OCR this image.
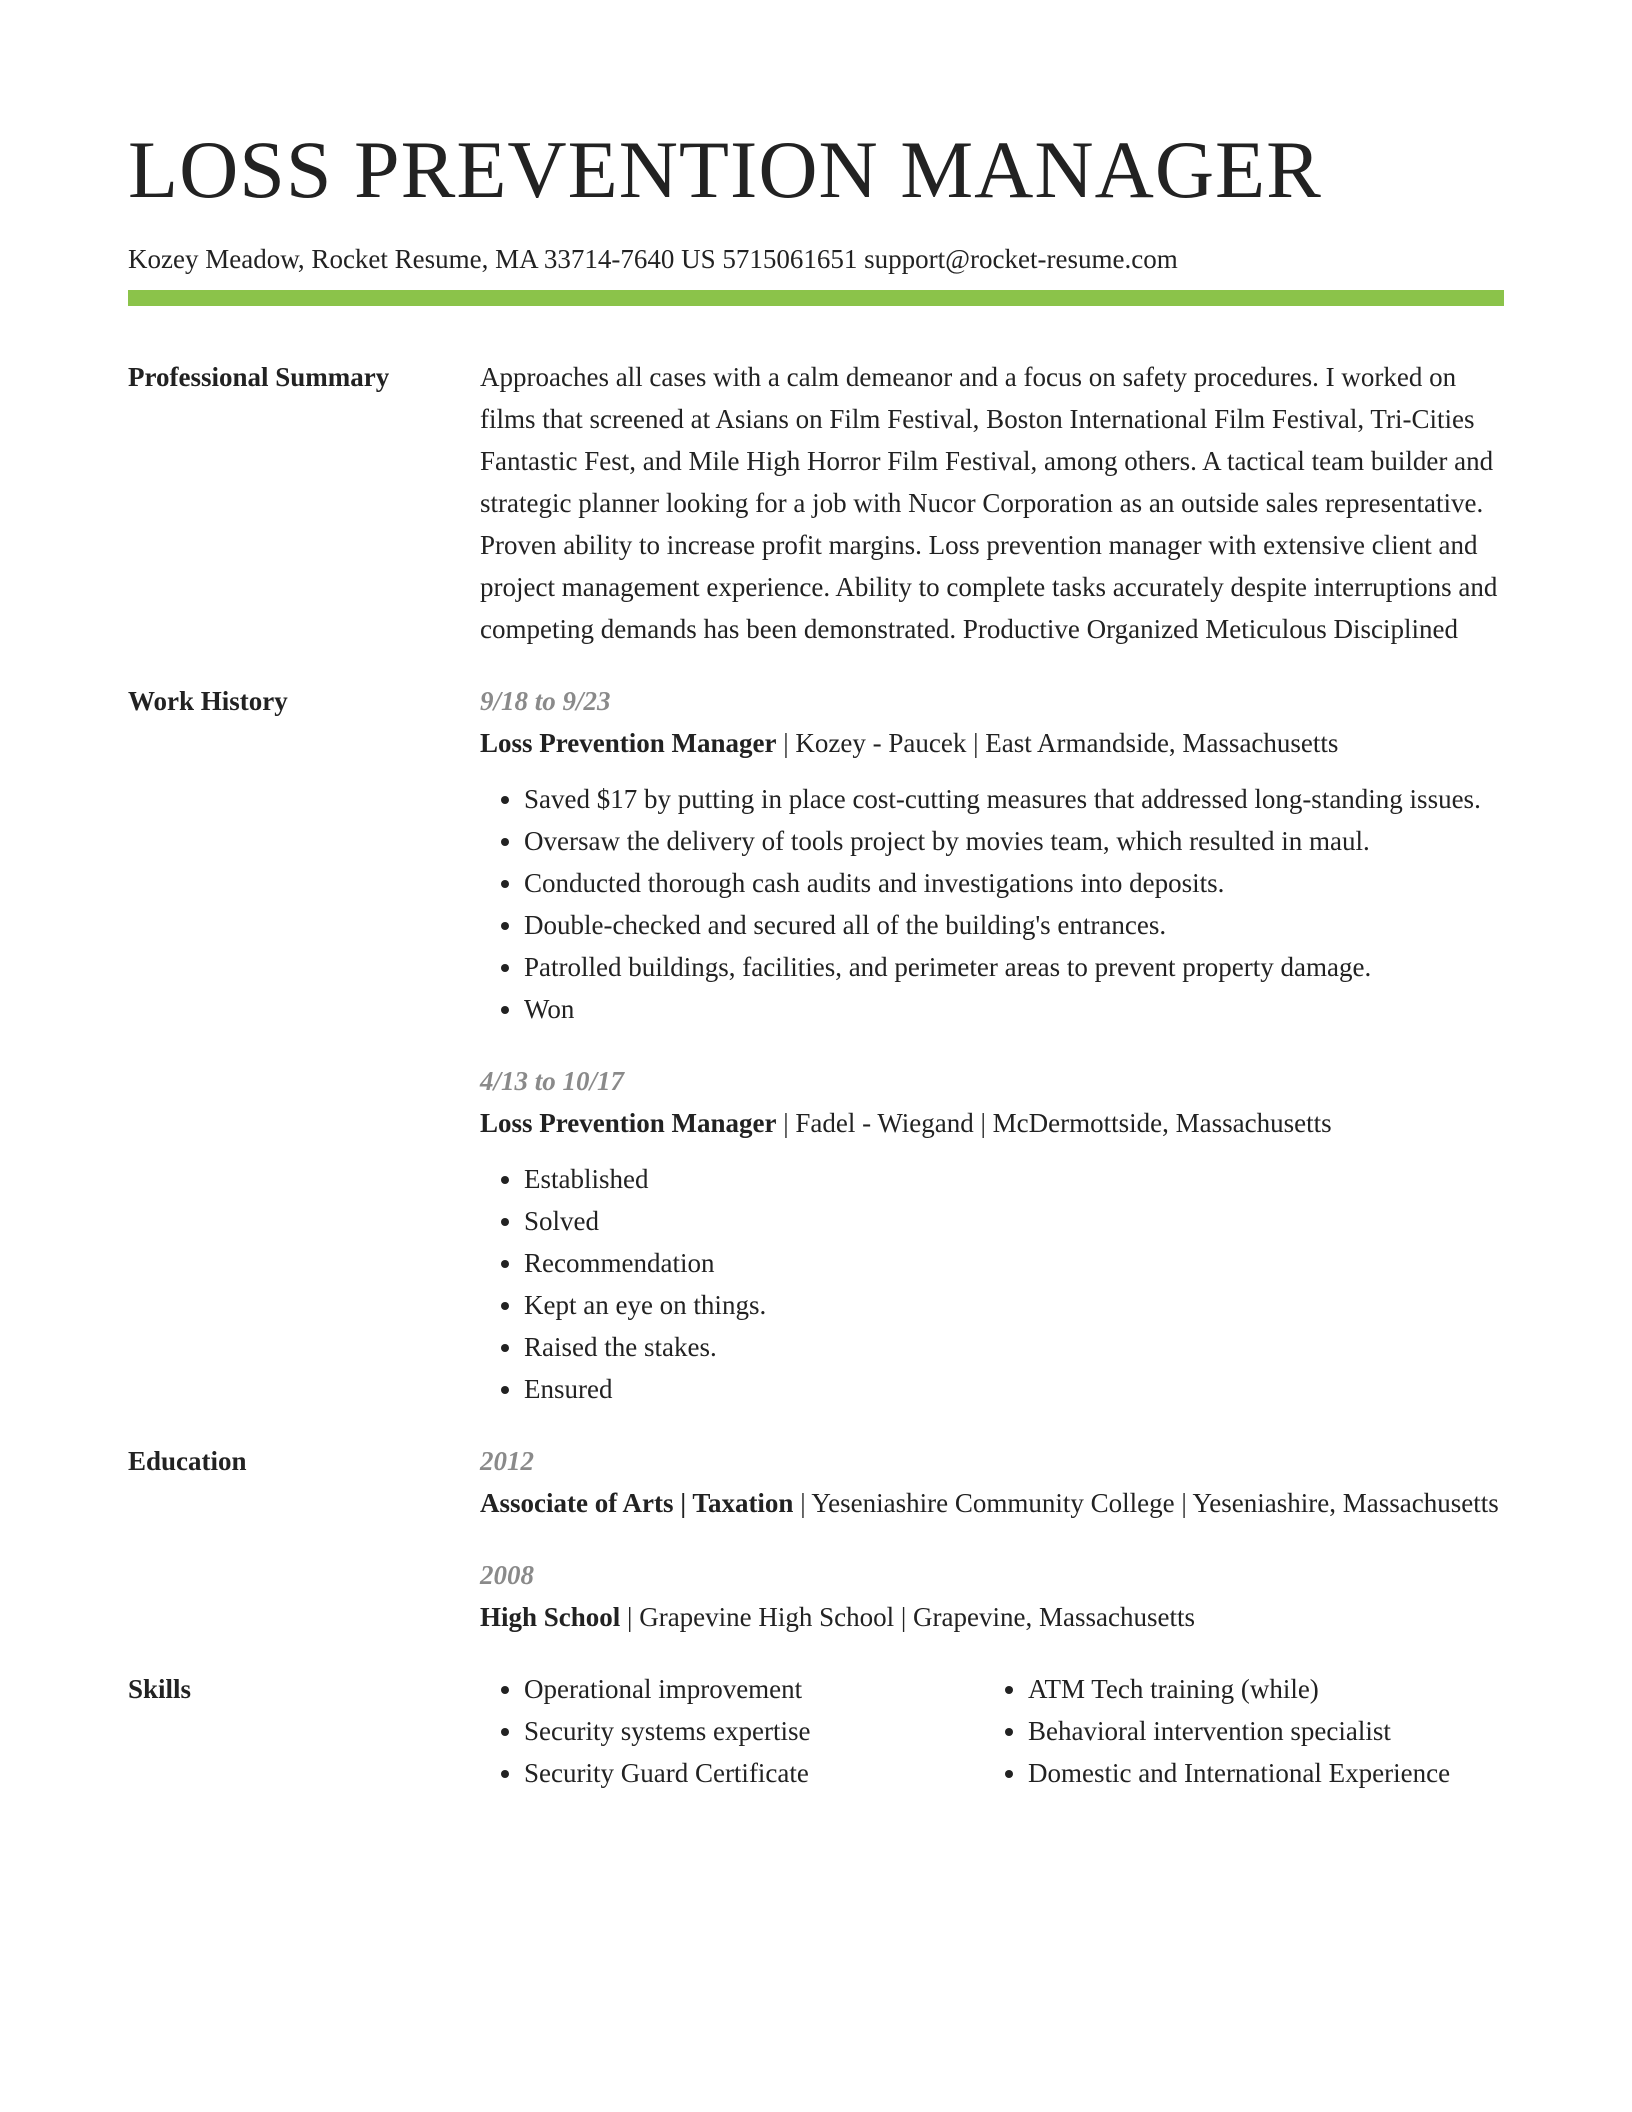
LOSS PREVENTION MANAGER
Kozey Meadow, Rocket Resume, MA 33714-7640 US 5715061651 support@rocket-resume.com
Professional Summary	Approaches all cases with a calm demeanor and a focus on safety procedures. I worked on films that screened at Asians on Film Festival, Boston International Film Festival, Tri-Cities Fantastic Fest, and Mile High Horror Film Festival, among others. A tactical team builder and strategic planner looking for a job with Nucor Corporation as an outside sales representative. Proven ability to increase profit margins. Loss prevention manager with extensive client and project management experience. Ability to complete tasks accurately despite interruptions and competing demands has been demonstrated. Productive Organized Meticulous Disciplined
Work History	9/18 to 9/23
Loss Prevention Manager | Kozey - Paucek | East Armandside, Massachusetts
• Saved $17 by putting in place cost-cutting measures that addressed long-standing issues.
• Oversaw the delivery of tools project by movies team, which resulted in maul.
• Conducted thorough cash audits and investigations into deposits.
• Double-checked and secured all of the building's entrances.
• Patrolled buildings, facilities, and perimeter areas to prevent property damage.
• Won
4/13 to 10/17
Loss Prevention Manager | Fadel - Wiegand | McDermottside, Massachusetts
• Established
• Solved
• Recommendation
• Kept an eye on things.
• Raised the stakes.
• Ensured
Education	2012
Associate of Arts | Taxation | Yeseniashire Community College | Yeseniashire, Massachusetts
2008
High School | Grapevine High School | Grapevine, Massachusetts
Skills
•	Operational improvement
• Security systems expertise
• Security Guard Certificate
• ATM Tech training (while)
• Behavioral intervention specialist
• Domestic and International Experience
